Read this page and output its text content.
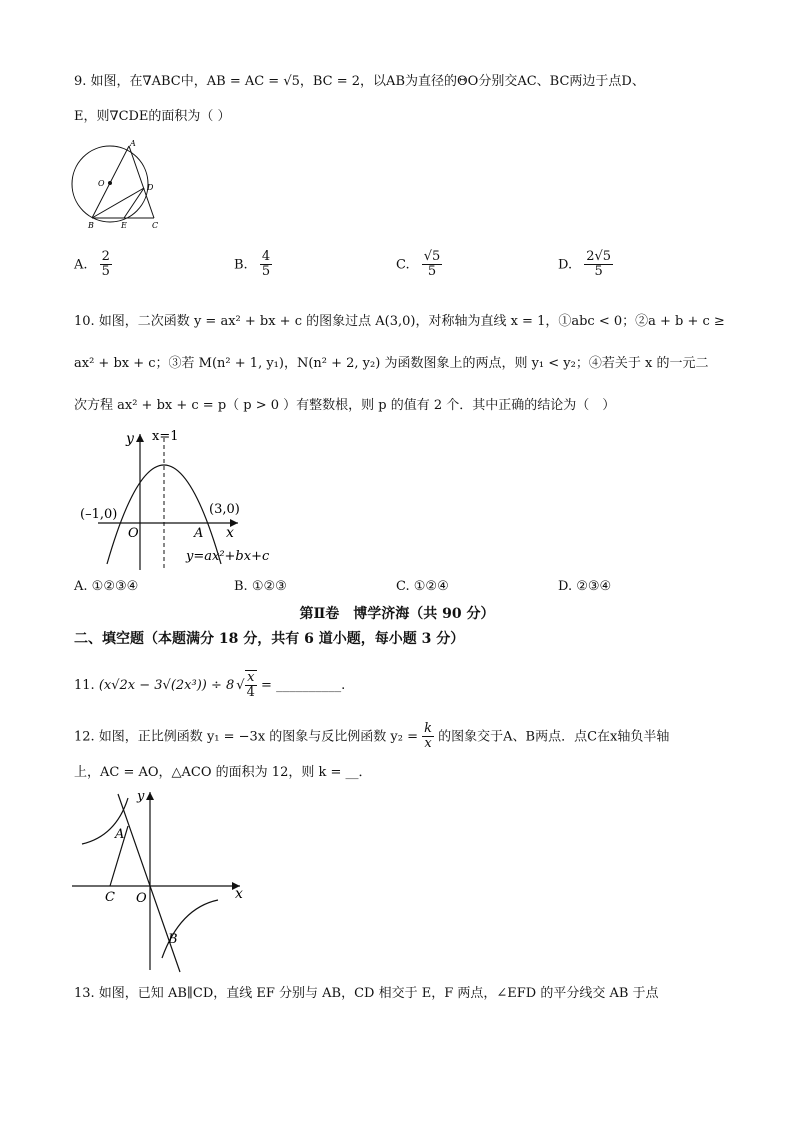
9. 如图，在∇ABC中，AB = AC = √5，BC = 2，以AB为直径的ΘO分别交AC、BC两边于点D、
E，则∇CDE的面积为（ ）
A
O	D
B	E	C
A. $\frac{2}{5}$	B. $\frac{4}{5}$	C. $\frac{√5}{5}$	D. $\frac{2√5}{5}$
10. 如图，二次函数 y = ax² + bx + c 的图象过点 A(3,0)，对称轴为直线 x = 1，①abc < 0；②a + b + c ≥
ax² + bx + c；③若 M(n² + 1, y₁)，N(n² + 2, y₂) 为函数图象上的两点，则 y₁ < y₂；④若关于 x 的一元二
次方程 ax² + bx + c = p（ p > 0 ）有整数根，则 p 的值有 2 个．其中正确的结论为（　）
y x=1
(–1,0)	(3,0)
O	A x
y=ax²+bx+c
A. ①②③④	B. ①②③	C. ①②④	D. ②③④
第Ⅱ卷　博学济海（共 90 分）
二、填空题（本题满分 18 分，共有 6 道小题，每小题 3 分）
11. (x√2x − 3√(2x³)) ÷ 8 √ $\frac{x}{4}$ = __________.
12. 如图，正比例函数 y₁ = −3x 的图象与反比例函数 $y_2 = \frac{k}{x}$ 的图象交于A、B两点．点C在x轴负半轴
上，AC = AO，△ACO 的面积为 12，则 k = __．
y
A
C O	x
B
13. 如图，已知 AB∥CD，直线 EF 分别与 AB，CD 相交于 E，F 两点，∠EFD 的平分线交 AB 于点
